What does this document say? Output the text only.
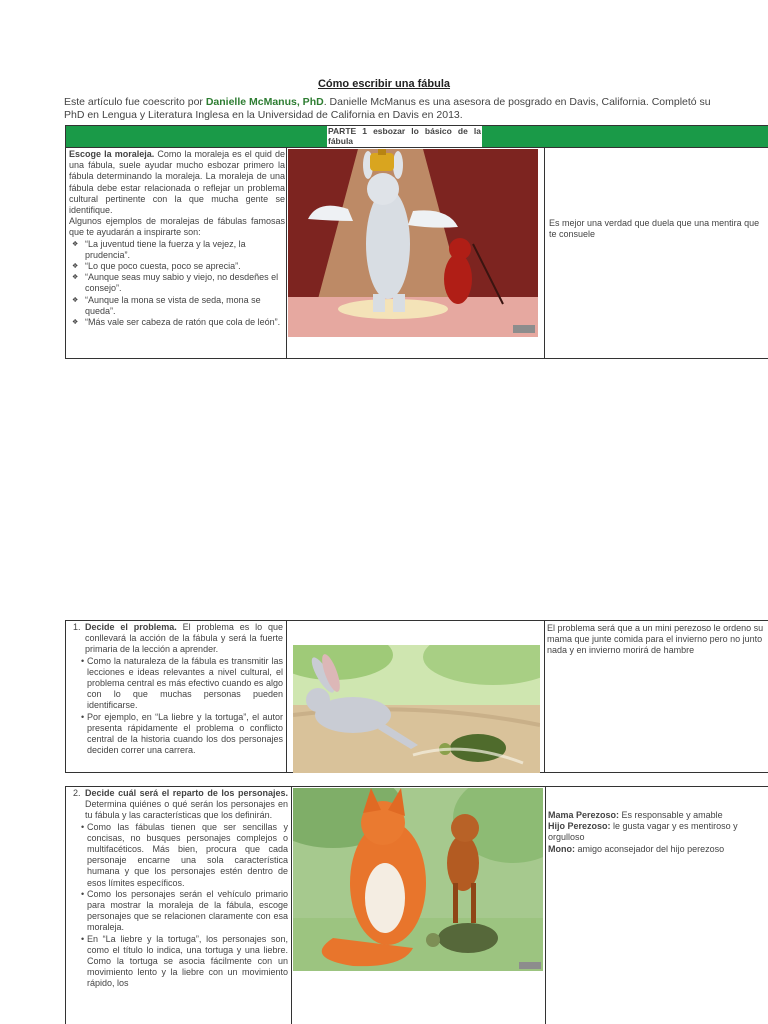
Cómo escribir una fábula
Este artículo fue coescrito por Danielle McManus, PhD. Danielle McManus es una asesora de posgrado en Davis, California. Completó su PhD en Lengua y Literatura Inglesa en la Universidad de California en Davis en 2013.
PARTE 1 esbozar lo básico de la fábula

Escoge la moraleja. Como la moraleja es el quid de una fábula, suele ayudar mucho esbozar primero la fábula determinando la moraleja. La moraleja de una fábula debe estar relacionada o reflejar un problema cultural pertinente con la que mucha gente se identifique.

Algunos ejemplos de moralejas de fábulas famosas que te ayudarán a inspirarte son:

❖ “La juventud tiene la fuerza y la vejez, la prudencia”.
❖ “Lo que poco cuesta, poco se aprecia”.
❖ “Aunque seas muy sabio y viejo, no desdeñes el consejo”.
❖ “Aunque la mona se vista de seda, mona se queda”.
❖ “Más vale ser cabeza de ratón que cola de león”.
Es mejor una verdad que duela que una mentira que te consuele

1. Decide el problema. El problema es lo que conllevará la acción de la fábula y será la fuerte primaria de la lección a aprender.

• Como la naturaleza de la fábula es transmitir las lecciones e ideas relevantes a nivel cultural, el problema central es más efectivo cuando es algo con lo que muchas personas pueden identificarse.
• Por ejemplo, en “La liebre y la tortuga”, el autor presenta rápidamente el problema o conflicto central de la historia cuando los dos personajes deciden correr una carrera.
El problema será que a un mini perezoso le ordeno su mama que junte comida para el invierno pero no junto nada y en invierno morirá de hambre

2. Decide cuál será el reparto de los personajes. Determina quiénes o qué serán los personajes en tu fábula y las características que los definirán.

• Como las fábulas tienen que ser sencillas y concisas, no busques personajes complejos o multifacéticos. Más bien, procura que cada personaje encarne una sola característica humana y que los personajes estén dentro de esos límites específicos.
• Como los personajes serán el vehículo primario para mostrar la moraleja de la fábula, escoge personajes que se relacionen claramente con esa moraleja.
• En “La liebre y la tortuga”, los personajes son, como el título lo indica, una tortuga y una liebre. Como la tortuga se asocia fácilmente con un movimiento lento y la liebre con un movimiento rápido, los

Mama Perezoso: Es responsable y amable

Hijo Perezoso: le gusta vagar y es mentiroso y orgulloso

Mono: amigo aconsejador del hijo perezoso
